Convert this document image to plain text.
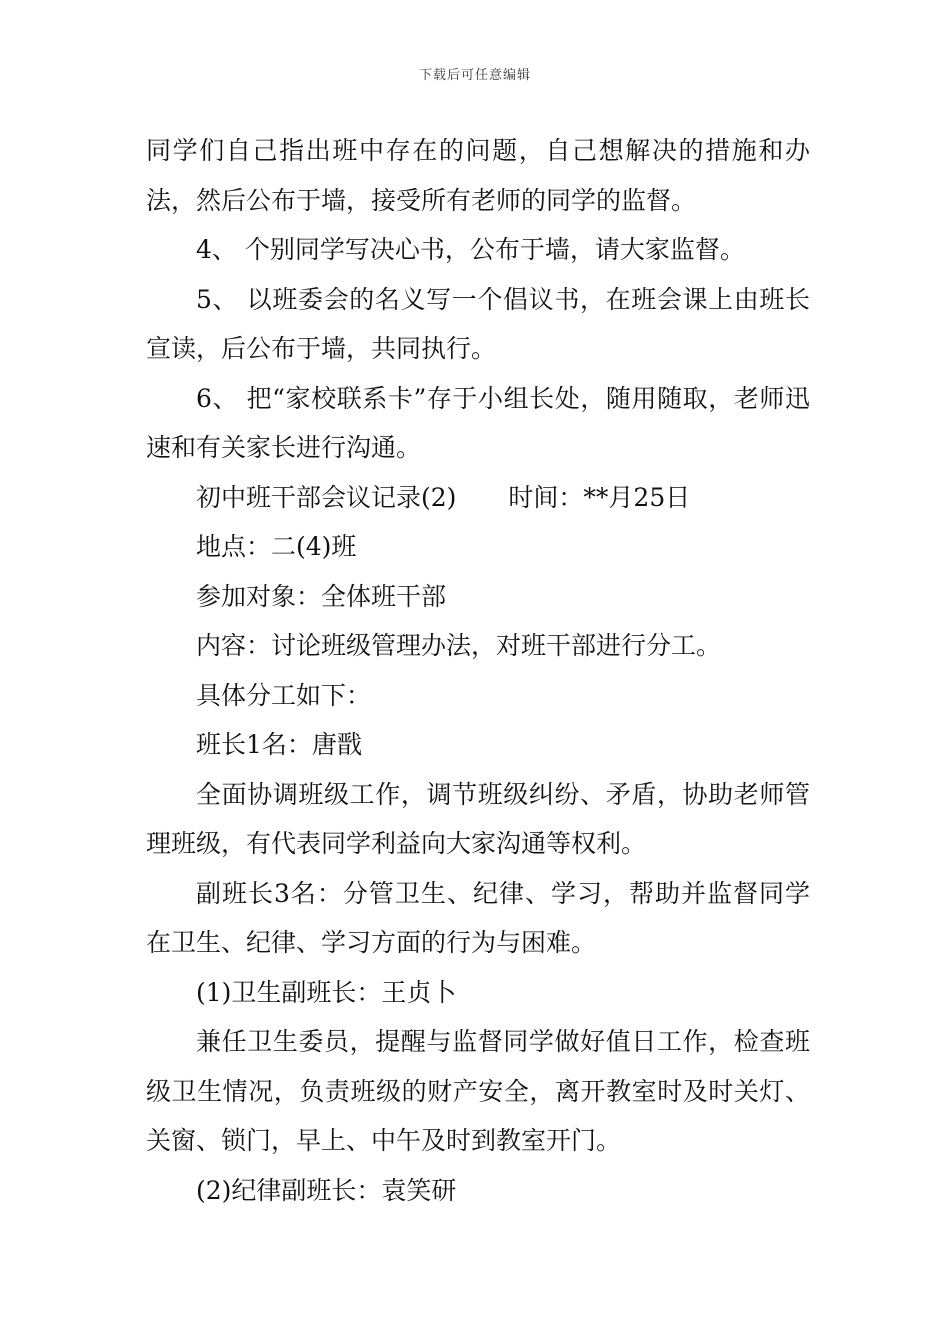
下载后可任意编辑

同学们自己指出班中存在的问题，自己想解决的措施和办法，然后公布于墙，接受所有老师的同学的监督。

4、 个别同学写决心书，公布于墙，请大家监督。

5、 以班委会的名义写一个倡议书，在班会课上由班长宣读，后公布于墙，共同执行。

6、 把“家校联系卡”存于小组长处，随用随取，老师迅速和有关家长进行沟通。

初中班干部会议记录(2) 时间：**月25日

地点：二(4)班

参加对象：全体班干部

内容：讨论班级管理办法，对班干部进行分工。

具体分工如下：

班长1名：唐戬

全面协调班级工作，调节班级纠纷、矛盾，协助老师管理班级，有代表同学利益向大家沟通等权利。

副班长3名：分管卫生、纪律、学习，帮助并监督同学在卫生、纪律、学习方面的行为与困难。

(1)卫生副班长：王贞卜

兼任卫生委员，提醒与监督同学做好值日工作，检查班级卫生情况，负责班级的财产安全，离开教室时及时关灯、关窗、锁门，早上、中午及时到教室开门。

(2)纪律副班长：袁笑研
